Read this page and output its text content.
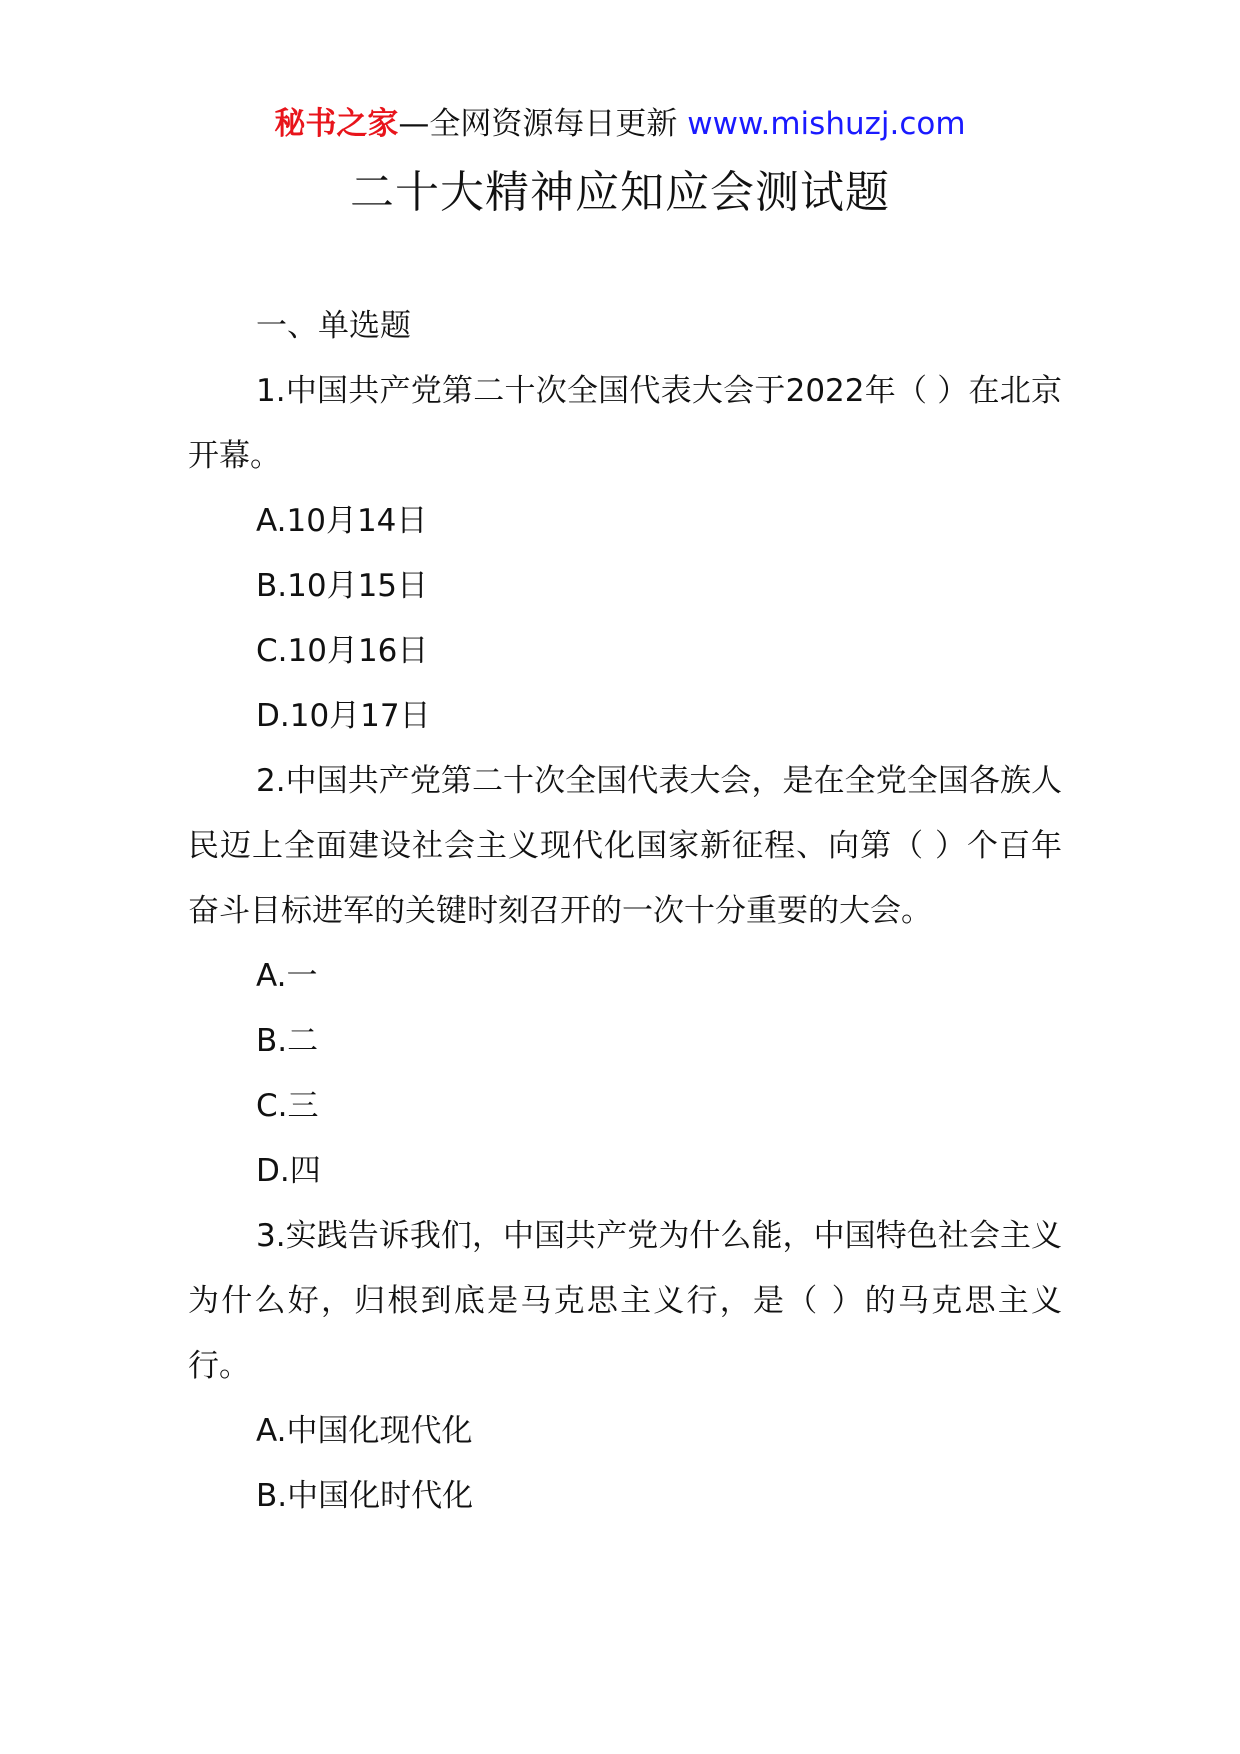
秘书之家—全网资源每日更新 www.mishuzj.com
二十大精神应知应会测试题

一、单选题

1.中国共产党第二十次全国代表大会于2022年（ ）在北京开幕。

A.10月14日

B.10月15日

C.10月16日

D.10月17日

2.中国共产党第二十次全国代表大会，是在全党全国各族人民迈上全面建设社会主义现代化国家新征程、向第（ ）个百年奋斗目标进军的关键时刻召开的一次十分重要的大会。

A.一

B.二

C.三

D.四

3.实践告诉我们，中国共产党为什么能，中国特色社会主义为什么好，归根到底是马克思主义行，是（ ）的马克思主义行。

A.中国化现代化

B.中国化时代化
